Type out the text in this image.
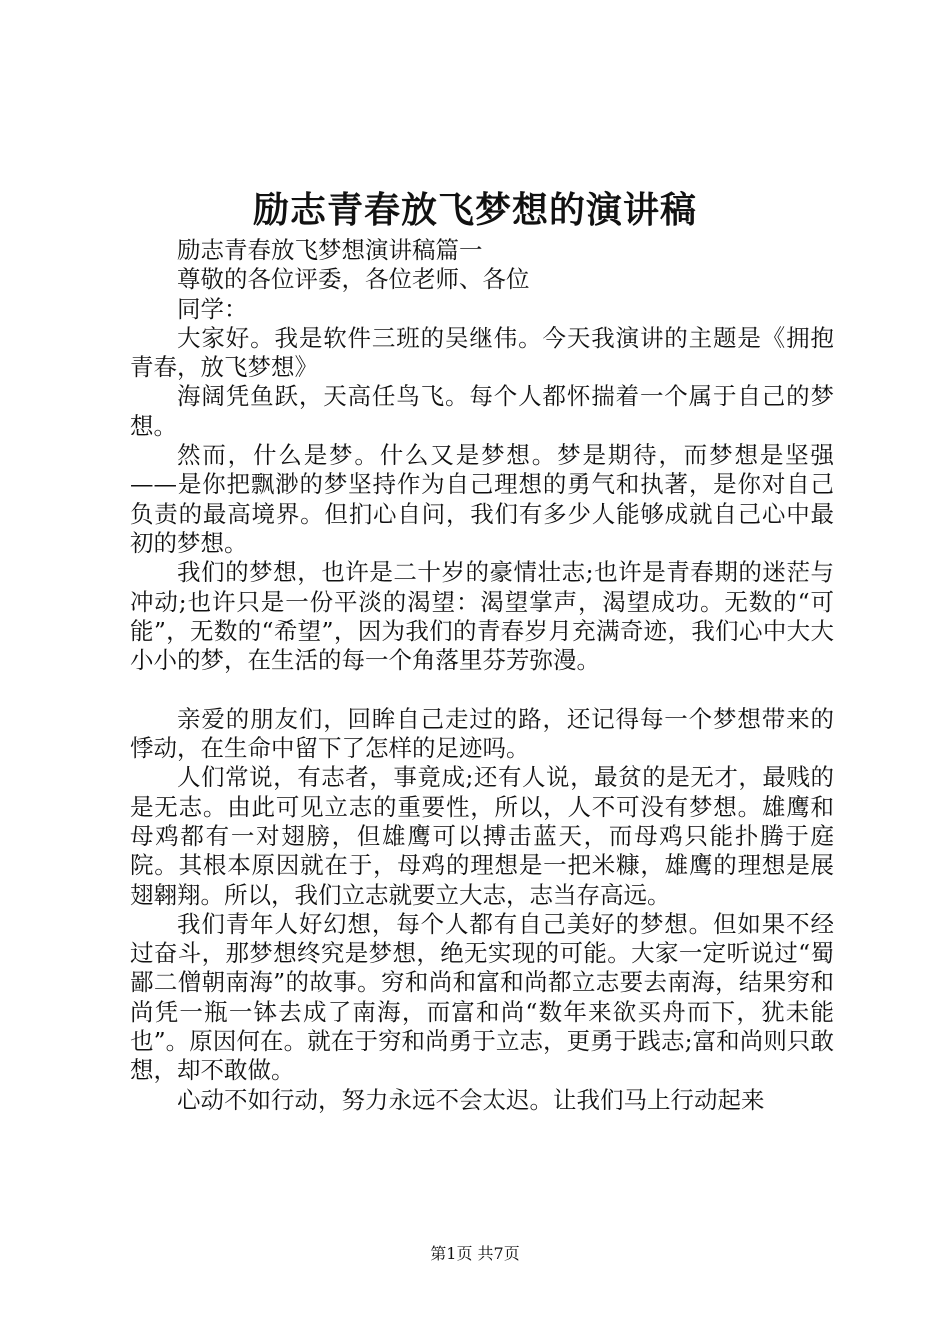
励志青春放飞梦想的演讲稿

励志青春放飞梦想演讲稿篇一

尊敬的各位评委，各位老师、各位

同学：

大家好。我是软件三班的吴继伟。今天我演讲的主题是《拥抱青春，放飞梦想》

海阔凭鱼跃，天高任鸟飞。每个人都怀揣着一个属于自己的梦想。

然而，什么是梦。什么又是梦想。梦是期待，而梦想是坚强——是你把飘渺的梦坚持作为自己理想的勇气和执著，是你对自己负责的最高境界。但扪心自问，我们有多少人能够成就自己心中最初的梦想。

我们的梦想，也许是二十岁的豪情壮志;也许是青春期的迷茫与冲动;也许只是一份平淡的渴望：渴望掌声，渴望成功。无数的“可能”，无数的“希望”，因为我们的青春岁月充满奇迹，我们心中大大小小的梦，在生活的每一个角落里芬芳弥漫。

亲爱的朋友们，回眸自己走过的路，还记得每一个梦想带来的悸动，在生命中留下了怎样的足迹吗。

人们常说，有志者，事竟成;还有人说，最贫的是无才，最贱的是无志。由此可见立志的重要性，所以，人不可没有梦想。雄鹰和母鸡都有一对翅膀，但雄鹰可以搏击蓝天，而母鸡只能扑腾于庭院。其根本原因就在于，母鸡的理想是一把米糠，雄鹰的理想是展翅翱翔。所以，我们立志就要立大志，志当存高远。

我们青年人好幻想，每个人都有自己美好的梦想。但如果不经过奋斗，那梦想终究是梦想，绝无实现的可能。大家一定听说过“蜀鄙二僧朝南海”的故事。穷和尚和富和尚都立志要去南海，结果穷和尚凭一瓶一钵去成了南海，而富和尚“数年来欲买舟而下，犹未能也”。原因何在。就在于穷和尚勇于立志，更勇于践志;富和尚则只敢想，却不敢做。

心动不如行动，努力永远不会太迟。让我们马上行动起来

第1页 共7页
